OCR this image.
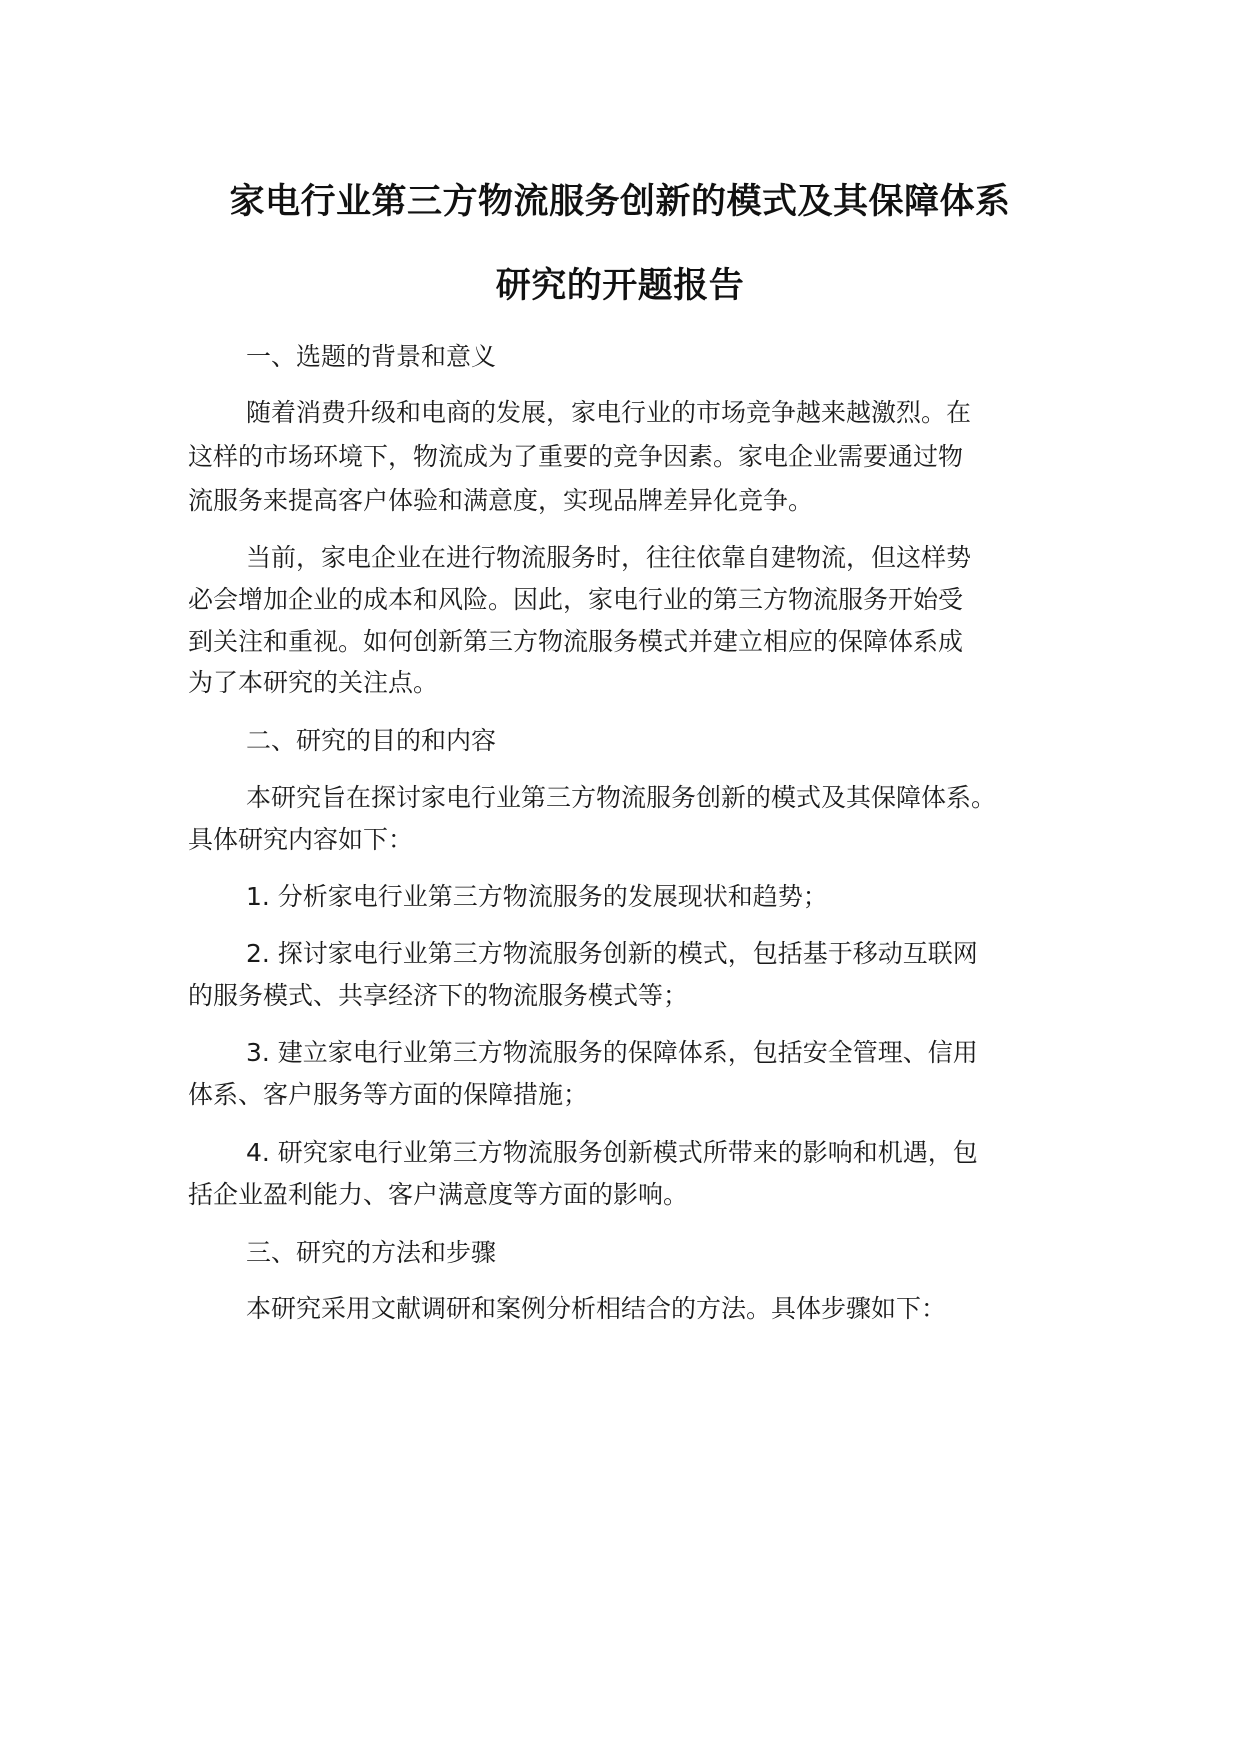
家电行业第三方物流服务创新的模式及其保障体系
研究的开题报告
一、选题的背景和意义
随着消费升级和电商的发展，家电行业的市场竞争越来越激烈。在
这样的市场环境下，物流成为了重要的竞争因素。家电企业需要通过物
流服务来提高客户体验和满意度，实现品牌差异化竞争。
当前，家电企业在进行物流服务时，往往依靠自建物流，但这样势
必会增加企业的成本和风险。因此，家电行业的第三方物流服务开始受
到关注和重视。如何创新第三方物流服务模式并建立相应的保障体系成
为了本研究的关注点。
二、研究的目的和内容
本研究旨在探讨家电行业第三方物流服务创新的模式及其保障体系。
具体研究内容如下：
1. 分析家电行业第三方物流服务的发展现状和趋势；
2. 探讨家电行业第三方物流服务创新的模式，包括基于移动互联网
的服务模式、共享经济下的物流服务模式等；
3. 建立家电行业第三方物流服务的保障体系，包括安全管理、信用
体系、客户服务等方面的保障措施；
4. 研究家电行业第三方物流服务创新模式所带来的影响和机遇，包
括企业盈利能力、客户满意度等方面的影响。
三、研究的方法和步骤
本研究采用文献调研和案例分析相结合的方法。具体步骤如下：
